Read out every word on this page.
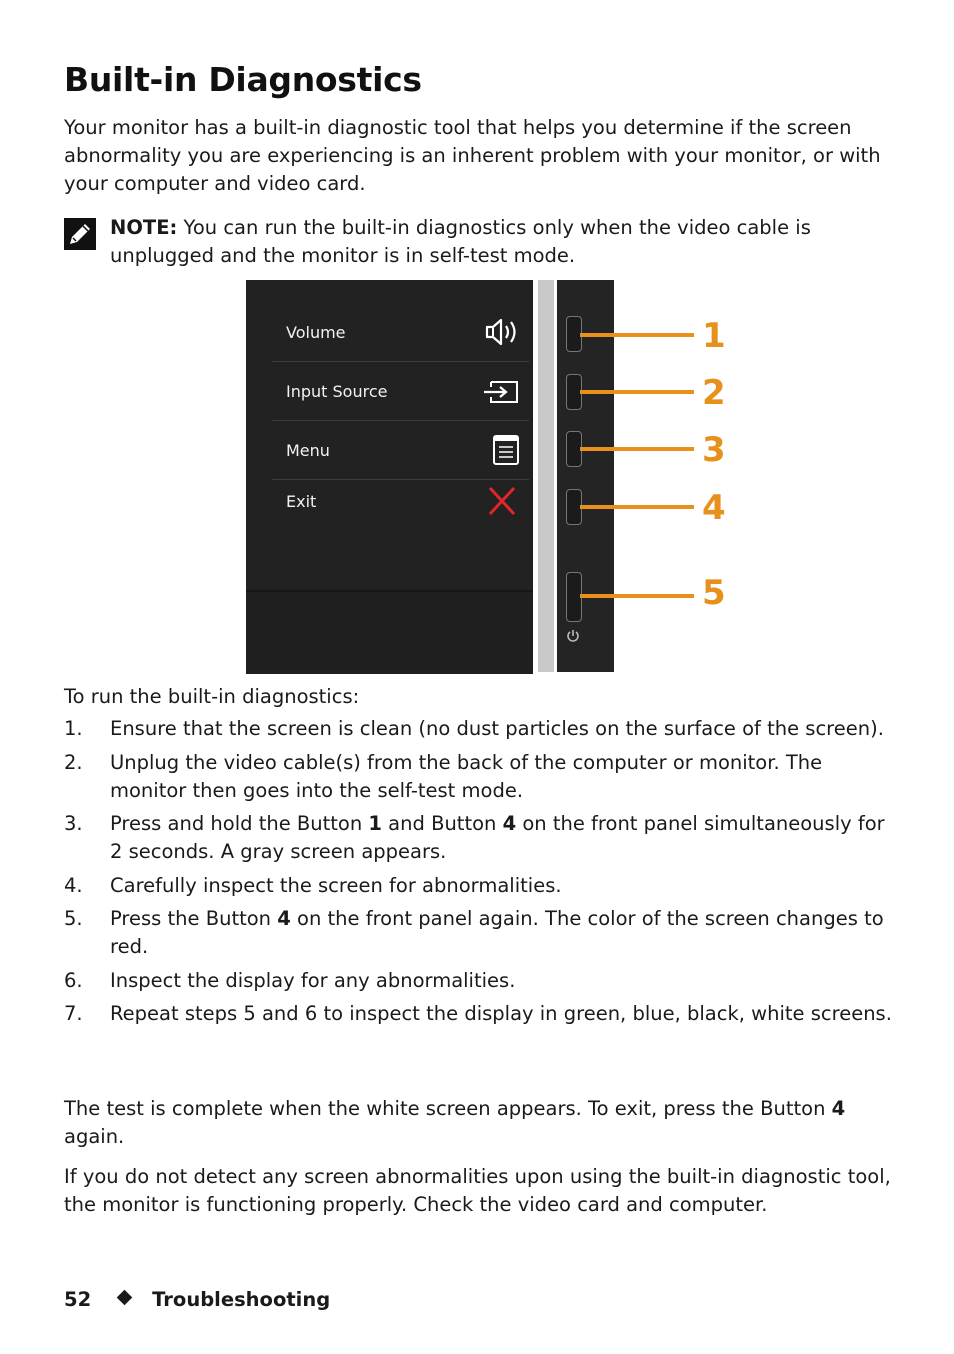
Built-in Diagnostics

Your monitor has a built-in diagnostic tool that helps you determine if the screen abnormality you are experiencing is an inherent problem with your monitor, or with your computer and video card.

NOTE: You can run the built-in diagnostics only when the video cable is unplugged and the monitor is in self-test mode.

Volume
Input Source
Menu
Exit
1
2
3
4
5

To run the built-in diagnostics:

1. Ensure that the screen is clean (no dust particles on the surface of the screen).
2. Unplug the video cable(s) from the back of the computer or monitor. The monitor then goes into the self-test mode.
3. Press and hold the Button 1 and Button 4 on the front panel simultaneously for 2 seconds. A gray screen appears.
4. Carefully inspect the screen for abnormalities.
5. Press the Button 4 on the front panel again. The color of the screen changes to red.
6. Inspect the display for any abnormalities.
7. Repeat steps 5 and 6 to inspect the display in green, blue, black, white screens.

The test is complete when the white screen appears. To exit, press the Button 4 again.

If you do not detect any screen abnormalities upon using the built-in diagnostic tool, the monitor is functioning properly. Check the video card and computer.

52	Troubleshooting
